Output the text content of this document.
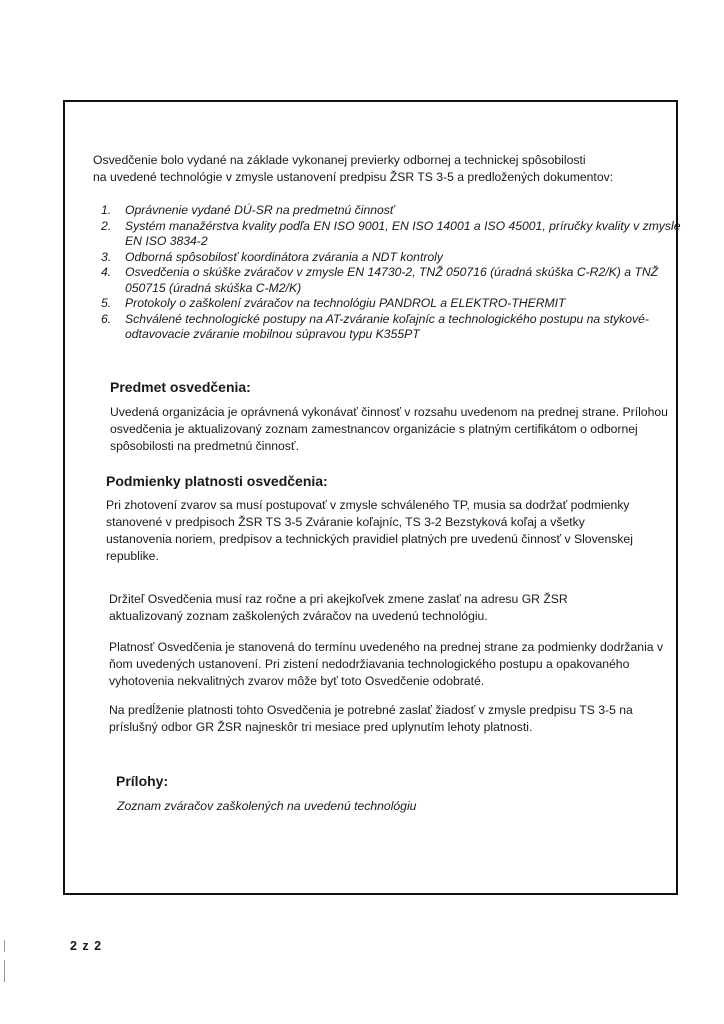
Osvedčenie bolo vydané na základe vykonanej previerky odbornej a technickej spôsobilosti

na uvedené technológie v zmysle ustanovení predpisu ŽSR TS 3-5 a predložených dokumentov:

1.	Oprávnenie vydané DÚ-SR na predmetnú činnosť
2.	Systém manažérstva kvality podľa EN ISO 9001, EN ISO 14001 a ISO 45001, príručky kvality v zmysle EN ISO 3834-2
3.	Odborná spôsobilosť koordinátora zvárania a NDT kontroly
4.	Osvedčenia o skúške zváračov v zmysle EN 14730-2, TNŽ 050716 (úradná skúška C-R2/K) a TNŽ 050715 (úradná skúška C-M2/K)
5.	Protokoly o zaškolení zváračov na technológiu PANDROL a ELEKTRO-THERMIT
6.	Schválené technologické postupy na AT-zváranie koľajníc a technologického postupu na stykové-odtavovacie zváranie mobilnou súpravou typu K355PT
Predmet osvedčenia:

Uvedená organizácia je oprávnená vykonávať činnosť v rozsahu uvedenom na prednej strane. Prílohou osvedčenia je aktualizovaný zoznam zamestnancov organizácie s platným certifikátom o odbornej spôsobilosti na predmetnú činnosť.

Podmienky platnosti osvedčenia:

Pri zhotovení zvarov sa musí postupovať v zmysle schváleného TP, musia sa dodržať podmienky stanovené v predpisoch ŽSR TS 3-5 Zváranie koľajníc, TS 3-2 Bezstyková koľaj a všetky ustanovenia noriem, predpisov a technických pravidiel platných pre uvedenú činnosť v Slovenskej republike.

Držiteľ Osvedčenia musí raz ročne a pri akejkoľvek zmene zaslať na adresu GR ŽSR aktualizovaný zoznam zaškolených zváračov na uvedenú technológiu.

Platnosť Osvedčenia je stanovená do termínu uvedeného na prednej strane za podmienky dodržania v ňom uvedených ustanovení. Pri zistení nedodržiavania technologického postupu a opakovaného vyhotovenia nekvalitných zvarov môže byť toto Osvedčenie odobraté.

Na predĺženie platnosti tohto Osvedčenia je potrebné zaslať žiadosť v zmysle predpisu TS 3-5 na príslušný odbor GR ŽSR najneskôr tri mesiace pred uplynutím lehoty platnosti.

Prílohy:

Zoznam zváračov zaškolených na uvedenú technológiu

2 z 2
